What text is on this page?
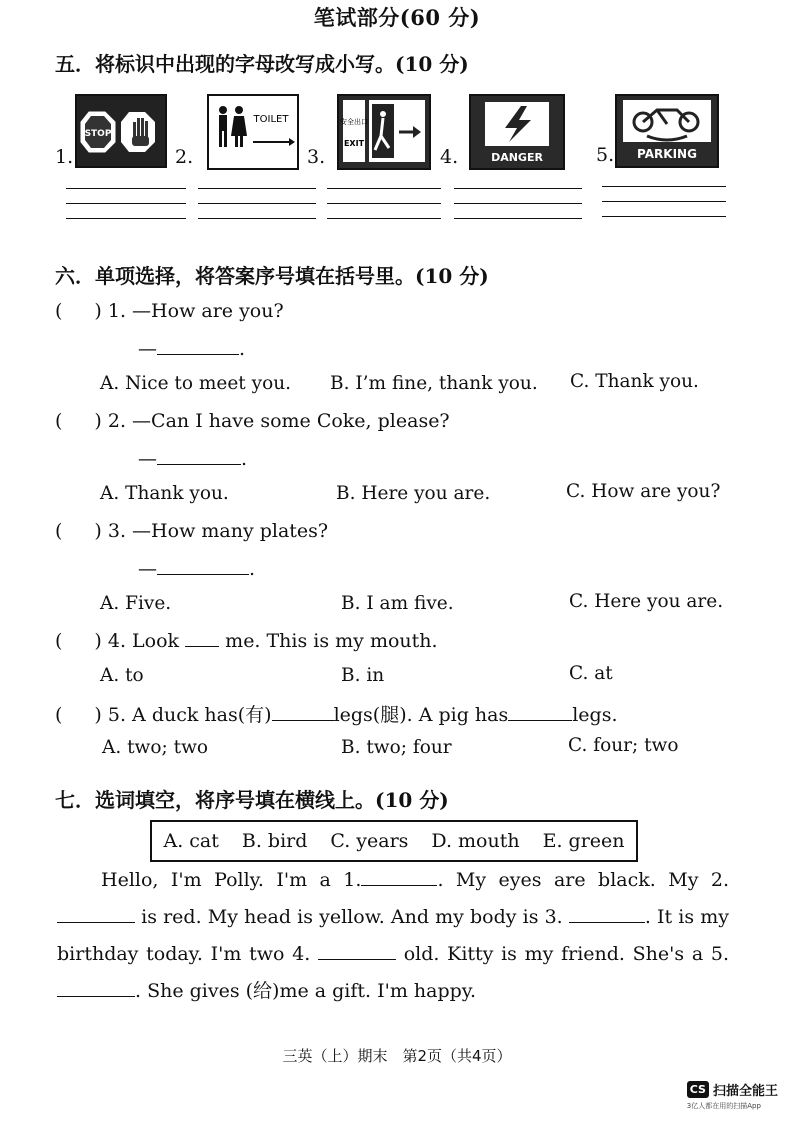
笔试部分(60 分)
五．将标识中出现的字母改写成小写。(10 分)
1.
STOP
2.
TOILET
3.
安全出口
EXIT
4.	DANGER	5. PARKING
六．单项选择，将答案序号填在括号里。(10 分)
( ) 1. —How are you?
—	.
A. Nice to meet you. B. I’m fine, thank you. C. Thank you.
( ) 2. —Can I have some Coke, please?
—	.
A. Thank you.	B. Here you are.	C. How are you?
( ) 3. —How many plates?
—	.
A. Five.	B. I am five.	C. Here you are.
( ) 4. Look me. This is my mouth.
A. to	B. in	C. at
( ) 5. A duck has(有)	legs(腿). A pig has	legs.
A. two; two	B. two; four	C. four; two
七．选词填空，将序号填在横线上。(10 分)
A. cat B. bird C. years D. mouth E. green
Hello, I'm Polly. I'm a 1.	. My eyes are black. My 2.  is red. My head is yellow. And my body is 3.	. It is my birthday today. I'm two 4.	old. Kitty is my friend. She's a 5. . She gives (给)me a gift. I'm happy.
三英（上）期末　第2页（共4页）
CS 扫描全能王
3亿人都在用的扫描App
